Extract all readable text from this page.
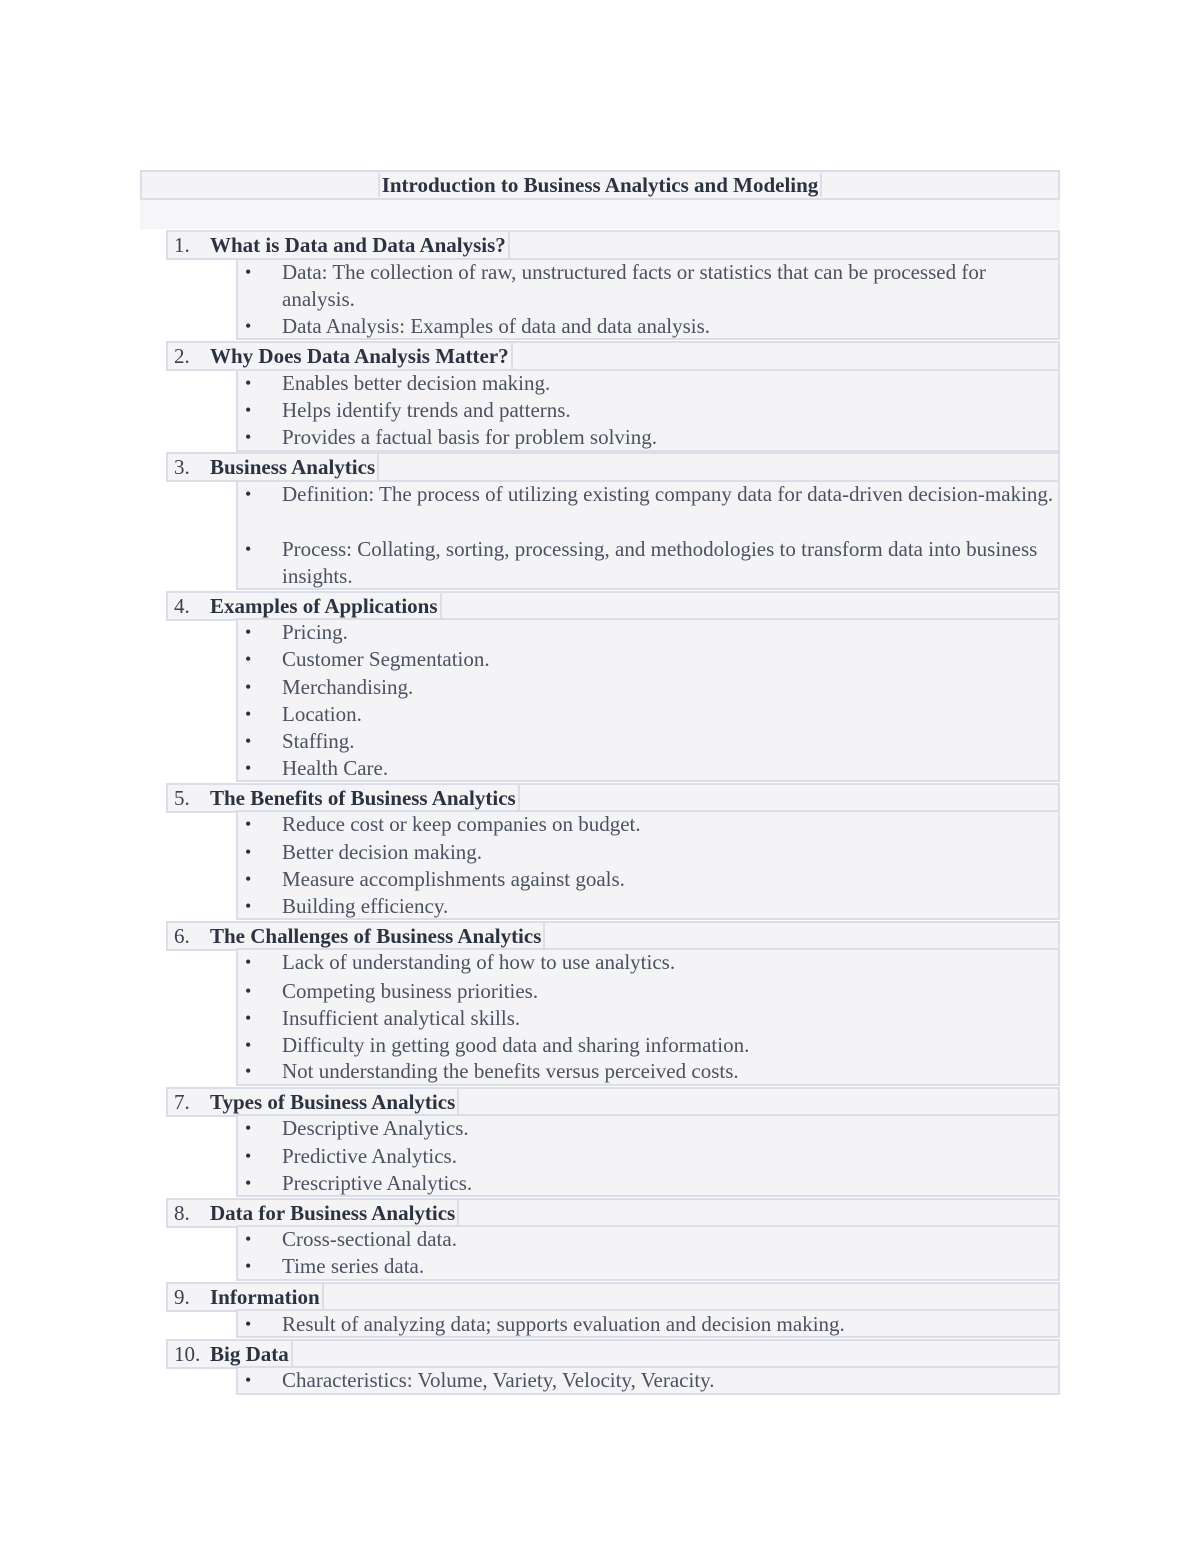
Introduction to Business Analytics and Modeling
1. What is Data and Data Analysis?
•	Data: The collection of raw, unstructured facts or statistics that can be processed for analysis.
•	Data Analysis: Examples of data and data analysis.
2. Why Does Data Analysis Matter?
•	Enables better decision making.
•	Helps identify trends and patterns.
•	Provides a factual basis for problem solving.
3. Business Analytics
•	Definition: The process of utilizing existing company data for data-driven decision-making.
•	Process: Collating, sorting, processing, and methodologies to transform data into business insights.
4. Examples of Applications
•	Pricing.
•	Customer Segmentation.
•	Merchandising.
•	Location.
•	Staffing.
•	Health Care.
5. The Benefits of Business Analytics
•	Reduce cost or keep companies on budget.
•	Better decision making.
•	Measure accomplishments against goals.
•	Building efficiency.
6. The Challenges of Business Analytics
•	Lack of understanding of how to use analytics.
•	Competing business priorities.
•	Insufficient analytical skills.
•	Difficulty in getting good data and sharing information.
•	Not understanding the benefits versus perceived costs.
7. Types of Business Analytics
•	Descriptive Analytics.
•	Predictive Analytics.
•	Prescriptive Analytics.
8. Data for Business Analytics
•	Cross-sectional data.
•	Time series data.
9. Information
•	Result of analyzing data; supports evaluation and decision making.
10. Big Data
•	Characteristics: Volume, Variety, Velocity, Veracity.
